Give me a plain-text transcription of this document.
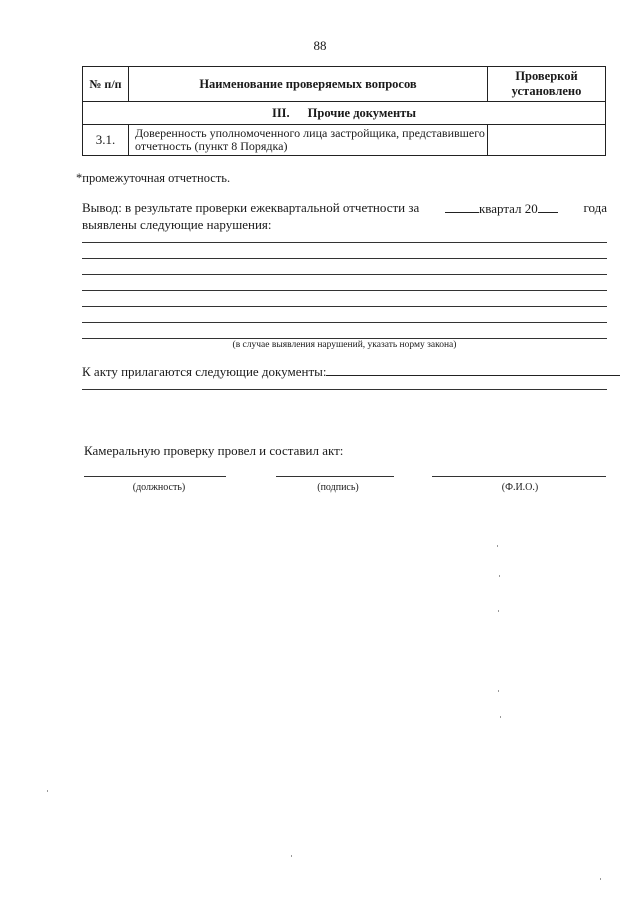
88
№ п/п	Наименование проверяемых вопросов	Проверкой установлено
III. Прочие документы		
3.1.	Доверенность уполномоченного лица застройщика, представившего отчетность (пункт 8 Порядка)	
*промежуточная отчетность.
Вывод: в результате проверки ежеквартальной отчетности за	квартал 20	года
выявлены следующие нарушения:
(в случае выявления нарушений, указать норму закона)
К акту прилагаются следующие документы:
Камеральную проверку провел и составил акт:
(должность)	(подпись)	(Ф.И.О.)
